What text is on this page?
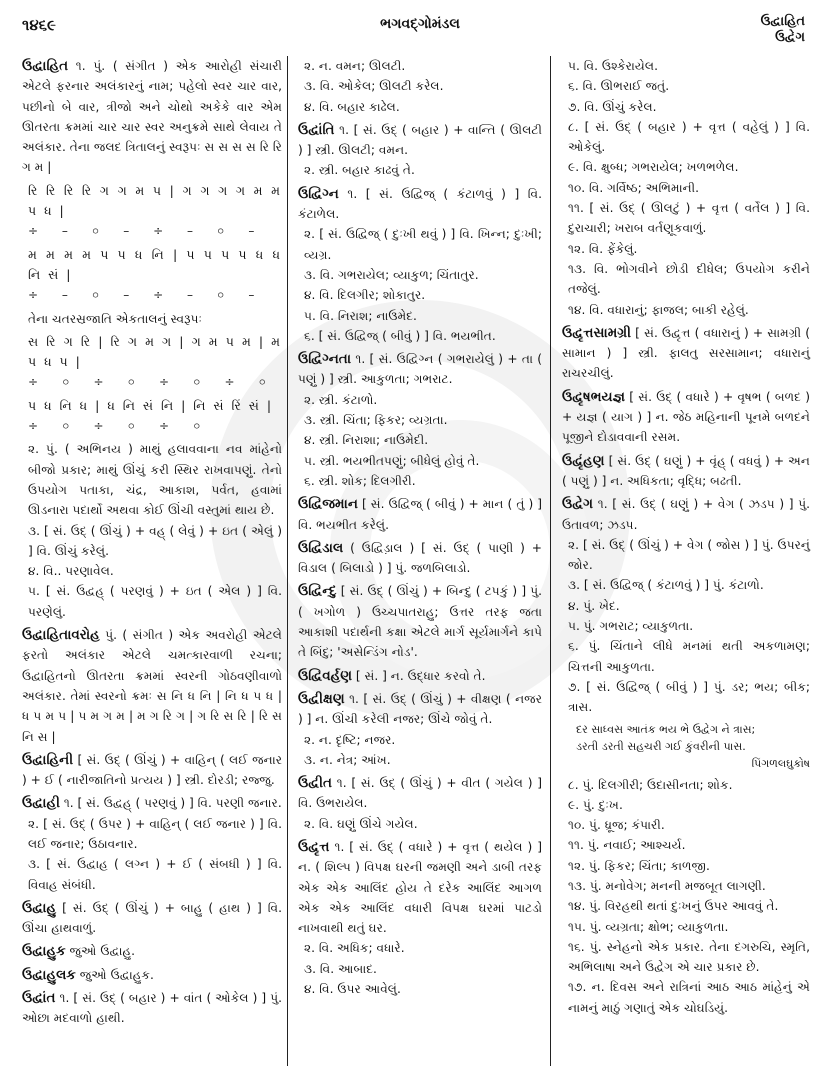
૧૪૬૯	ભગવદ્ગોમંડલ	ઉદ્વાહિત
ઉદ્વેગ
ઉદ્વાહિત ૧. પું. ( સંગીત ) એક આરોહી સંચારી એટલે ફરનાર અલંકારનું નામ; પહેલો સ્વર ચાર વાર, પછીનો બે વાર, ત્રીજો અને ચોથો અકેકે વાર એમ ઊતરતા ક્રમમાં ચાર ચાર સ્વર અનુક્રમે સાથે લેવાય તે અલંકાર. તેના જલદ ત્રિતાલનું સ્વરૂપઃ સ સ સ સ રિ રિ ગ મ |
રિ રિ રિ રિ ગ ગ મ પ | ગ ગ ગ ગ મ મ પ ધ |
÷ – ০ – ÷ – ০ –
મ મ મ મ પ પ ધ નિ | પ પ પ પ ધ ધ નિ સં |
÷ – ০ – ÷ – ০ –
તેના ચતરસ્રજાતિ એકતાલનું સ્વરૂપઃ
સ રિ ગ રિ | રિ ગ મ ગ | ગ મ પ મ | મ પ ધ પ |
÷ ০ ÷ ০ ÷ ০ ÷ ০
પ ધ નિ ધ | ધ નિ સં નિ | નિ સં રિં સં |
÷ ০ ÷ ০ ÷ ০
૨. પું. ( અભિનય ) માથું હલાવવાના નવ માંહેનો બીજો પ્રકાર; માથું ઊંચું કરી સ્થિર રાખવાપણું. તેનો ઉપયોગ પતાકા, ચંદ્ર, આકાશ, પર્વત, હવામાં ઊડનારા પદાર્થો અથવા કોઈ ઊંચી વસ્તુમાં થાય છે.
૩. [ સં. ઉદ્ ( ઊંચું ) + વહ્ ( લેવું ) + ઇત ( એલું ) ] વિ. ઊંચું કરેલું.
૪. વિ.. પરણાવેલ.
૫. [ સં. ઉદ્વહ્ ( પરણવું ) + ઇત ( એલ ) ] વિ. પરણેલું.
ઉદ્વાહિતાવરોહ પું. ( સંગીત ) એક અવરોહી એટલે ફરતો અલંકાર એટલે ચમત્કારવાળી રચના; ઉદ્વાહિતનો ઊતરતા ક્રમમાં સ્વરની ગોઠવણીવાળો અલંકાર. તેમાં સ્વરનો ક્રમઃ સ નિ ધ નિ | નિ ધ પ ધ | ધ પ મ પ | પ મ ગ મ | મ ગ રિ ગ | ગ રિ સ રિ | રિ સ નિ સ |
ઉદ્વાહિની [ સં. ઉદ્ ( ઊંચું ) + વાહિન્ ( લઈ જનાર ) + ઈ ( નારીજાતિનો પ્રત્યય ) ] સ્ત્રી. દોરડી; રજ્જુ.
ઉદ્વાહી ૧. [ સં. ઉદ્વહ્ ( પરણવું ) ] વિ. પરણી જનાર.
૨. [ સં. ઉદ્ ( ઉપર ) + વાહિન્ ( લઈ જનાર ) ] વિ. લઈ જનાર; ઉઠાવનાર.
૩. [ સં. ઉદ્વાહ ( લગ્ન ) + ઈ ( સંબધી ) ] વિ. વિવાહ સંબંધી.
ઉદ્વાહુ [ સં. ઉદ્ ( ઊંચું ) + બાહુ ( હાથ ) ] વિ. ઊંચા હાથવાળું.
ઉદ્વાહુક જુઓ ઉદ્વાહુ.
ઉદ્વાહુલક જુઓ ઉદ્વાહુક.
ઉદ્વાંત ૧. [ સં. ઉદ્ ( બહાર ) + વાંત ( ઓકેલ ) ] પું. ઓછા મદવાળો હાથી.
૨. ન. વમન; ઊલટી.
૩. વિ. ઓકેલ; ઊલટી કરેલ.
૪. વિ. બહાર કાઢેલ.
ઉદ્વાંતિ ૧. [ સં. ઉદ્ ( બહાર ) + વાન્તિ ( ઊલટી ) ] સ્ત્રી. ઊલટી; વમન.
૨. સ્ત્રી. બહાર કાઢવું તે.
ઉદ્વિગ્ન ૧. [ સં. ઉદ્વિજ્ ( કંટાળવું ) ] વિ. કંટાળેલ.
૨. [ સં. ઉદ્વિજ્ ( દુઃખી થવું ) ] વિ. ખિન્ન; દુઃખી; વ્યગ્ર.
૩. વિ. ગભરાયેલ; વ્યાકુળ; ચિંતાતુર.
૪. વિ. દિલગીર; શોકાતુર.
૫. વિ. નિરાશ; નાઉમેદ.
૬. [ સં. ઉદ્વિજ્ ( બીવું ) ] વિ. ભયભીત.
ઉદ્વિગ્નતા ૧. [ સં. ઉદ્વિગ્ન ( ગભરાયેલું ) + તા ( પણું ) ] સ્ત્રી. આકુળતા; ગભરાટ.
૨. સ્ત્રી. કંટાળો.
૩. સ્ત્રી. ચિંતા; ફિકર; વ્યગ્રતા.
૪. સ્ત્રી. નિરાશા; નાઉમેદી.
૫. સ્ત્રી. ભયભીતપણું; બીધેલું હોવું તે.
૬. સ્ત્રી. શોક; દિલગીરી.
ઉદ્વિજમાન [ સં. ઉદ્વિજ્ ( બીવું ) + માન ( તું ) ] વિ. ભયભીત કરેલું.
ઉદ્વિડાલ ( ઉદ્વિડ઼ાલ ) [ સં. ઉદ્ ( પાણી ) + વિડાલ ( બિલાડો ) ] પું. જળબિલાડો.
ઉદ્વિન્દુ [ સં. ઉદ્ ( ઊંચું ) + બિન્દુ ( ટપકું ) ] પું. ( ખગોળ ) ઉચ્ચપાતરાહુ; ઉત્તર તરફ જતા આકાશી પદાર્થની કક્ષા એટલે માર્ગ સૂર્યમાર્ગને કાપે તે બિંદુ; 'અસેન્ડિંગ નોડ'.
ઉદ્વિવર્હણ [ સં. ] ન. ઉદ્ધાર કરવો તે.
ઉદ્વીક્ષણ ૧. [ સં. ઉદ્ ( ઊંચું ) + વીક્ષણ ( નજર ) ] ન. ઊંચી કરેલી નજર; ઊંચે જોવું તે.
૨. ન. દૃષ્ટિ; નજર.
૩. ન. નેત્ર; આંખ.
ઉદ્વીત ૧. [ સં. ઉદ્ ( ઊંચું ) + વીત ( ગયેલ ) ] વિ. ઉભરાયેલ.
૨. વિ. ઘણું ઊંચે ગયેલ.
ઉદ્વૃત્ત ૧. [ સં. ઉદ્ ( વધારે ) + વૃત્ત ( થયેલ ) ] ન. ( શિલ્પ ) વિપક્ષ ઘરની જમણી અને ડાબી તરફ એક એક આલિંદ હોય તે દરેક આલિંદ આગળ એક એક આલિંદ વધારી વિપક્ષ ઘરમાં પાટડો નાખવાથી થતું ઘર.
૨. વિ. અધિક; વધારે.
૩. વિ. આબાદ.
૪. વિ. ઉપર આવેલું.
૫. વિ. ઉશ્કેરાયેલ.
૬. વિ. ઊભરાઈ જતું.
૭. વિ. ઊંચું કરેલ.
૮. [ સં. ઉદ્ ( બહાર ) + વૃત્ત ( વહેલું ) ] વિ. ઓકેલું.
૯. વિ. ક્ષુબ્ધ; ગભરાયેલ; ખળભળેલ.
૧૦. વિ. ગર્વિષ્ઠ; અભિમાની.
૧૧. [ સં. ઉદ્ ( ઊલટું ) + વૃત્ત ( વર્તેલ ) ] વિ. દુરાચારી; ખરાબ વર્તણૂકવાળું.
૧૨. વિ. ફેંકેલું.
૧૩. વિ. ભોગવીને છોડી દીધેલ; ઉપયોગ કરીને તજેલું.
૧૪. વિ. વધારાનું; ફાજલ; બાકી રહેલું.
ઉદ્વૃત્તસામગ્રી [ સં. ઉદ્વૃત્ત ( વધારાનું ) + સામગ્રી ( સામાન ) ] સ્ત્રી. ફાલતુ સરસામાન; વધારાનું રાચરચીલું.
ઉદ્વૃષભયજ્ઞ [ સં. ઉદ્ ( વધારે ) + વૃષભ ( બળદ ) + યજ્ઞ ( યાગ ) ] ન. જેઠ મહિનાની પૂનમે બળદને પૂજીને દોડાવવાની રસમ.
ઉદ્વૃંહણ [ સં. ઉદ્ ( ઘણું ) + વૃંહ્ ( વધવું ) + અન ( પણું ) ] ન. અધિકતા; વૃદ્ધિ; બઢતી.
ઉદ્વેગ ૧. [ સં. ઉદ્ ( ઘણું ) + વેગ ( ઝડપ ) ] પું. ઉતાવળ; ઝડપ.
૨. [ સં. ઉદ્ ( ઊંચું ) + વેગ ( જોસ ) ] પું. ઉપરનું જોર.
૩. [ સં. ઉદ્વિજ્ ( કંટાળવું ) ] પું. કંટાળો.
૪. પું. ખેદ.
૫. પું. ગભરાટ; વ્યાકુળતા.
૬. પું. ચિંતાને લીધે મનમાં થતી અકળામણ; ચિત્તની આકુળતા.
૭. [ સં. ઉદ્વિજ્ ( બીવું ) ] પું. ડર; ભય; બીક; ત્રાસ.
દર સાધ્વસ આતંક ભય ભે ઉદ્વેગ ને ત્રાસ;
ડરતી ડરતી સહચરી ગઈ કુંવરીની પાસ.
પિંગળલઘુકોષ
૮. પું. દિલગીરી; ઉદાસીનતા; શોક.
૯. પું. દુઃખ.
૧૦. પું. ધ્રૂજ; કંપારી.
૧૧. પું. નવાઈ; આશ્ચર્ય.
૧૨. પું. ફિકર; ચિંતા; કાળજી.
૧૩. પું. મનોવેગ; મનની મજબૂત લાગણી.
૧૪. પું. વિરહથી થતાં દુઃખનું ઉપર આવવું તે.
૧૫. પું. વ્યગ્રતા; ક્ષોભ; વ્યાકુળતા.
૧૬. પું. સ્નેહનો એક પ્રકાર. તેના દગરુચિ, સ્મૃતિ, અભિલાષા અને ઉદ્વેગ એ ચાર પ્રકાર છે.
૧૭. ન. દિવસ અને રાત્રિનાં આઠ આઠ માંહેનું એ નામનું માઠું ગણાતું એક ચોઘડિયું.
